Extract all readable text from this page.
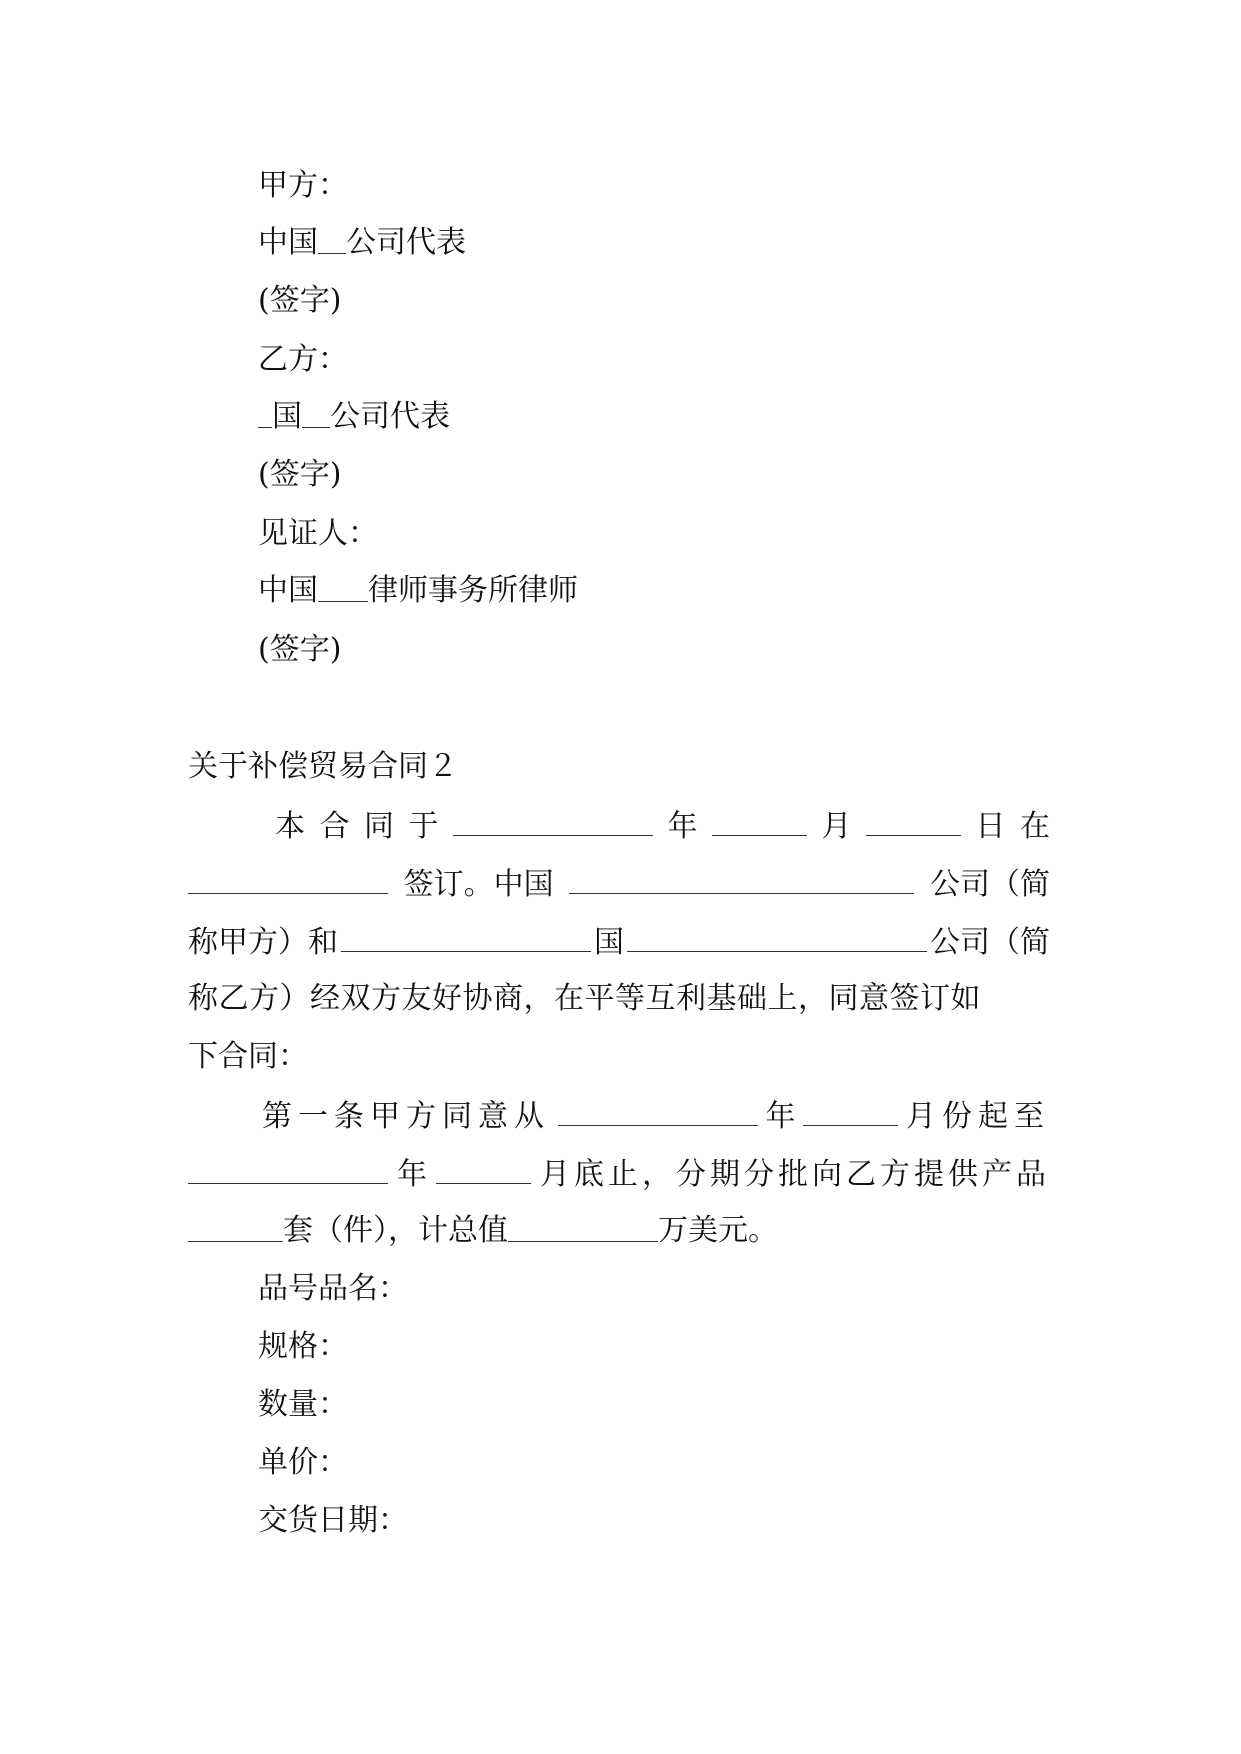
甲方：
中国 公司代表
(签字)
乙方：
国 公司代表
(签字)
见证人：
中国 律师事务所律师
(签字)
关于补偿贸易合同２
本 合 同 于	年	月	日 在
签订。中国	公司（简
称甲方）和	国	公司（简
称乙方）经双方友好协商，在平等互利基础上，同意签订如
下合同：
第一条甲方同意从	年	月份起至
年	月底止，分期分批向乙方提供产品
套（件），计总值	万美元。
品号品名：
规格：
数量：
单价：
交货日期：
